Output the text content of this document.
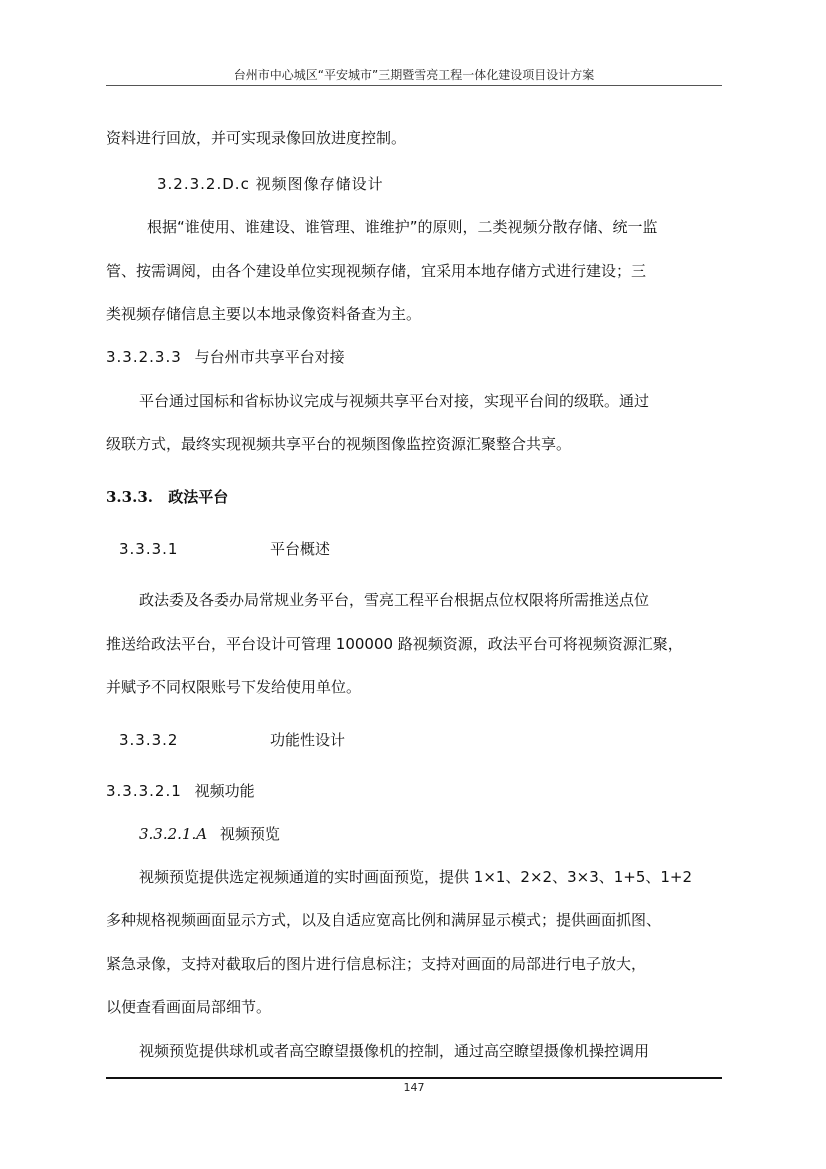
台州市中心城区“平安城市”三期暨雪亮工程一体化建设项目设计方案
资料进行回放，并可实现录像回放进度控制。
3.2.3.2.D.c 视频图像存储设计
根据“谁使用、谁建设、谁管理、谁维护”的原则，二类视频分散存储、统一监
管、按需调阅，由各个建设单位实现视频存储，宜采用本地存储方式进行建设；三
类视频存储信息主要以本地录像资料备查为主。
3.3.2.3.3 与台州市共享平台对接
平台通过国标和省标协议完成与视频共享平台对接，实现平台间的级联。通过
级联方式，最终实现视频共享平台的视频图像监控资源汇聚整合共享。
3.3.3. 政法平台
3.3.3.1	平台概述
政法委及各委办局常规业务平台，雪亮工程平台根据点位权限将所需推送点位
推送给政法平台，平台设计可管理 100000 路视频资源，政法平台可将视频资源汇聚，
并赋予不同权限账号下发给使用单位。
3.3.3.2	功能性设计
3.3.3.2.1 视频功能
3.3.2.1.A 视频预览
视频预览提供选定视频通道的实时画面预览，提供 1×1、2×2、3×3、1+5、1+2
多种规格视频画面显示方式，以及自适应宽高比例和满屏显示模式；提供画面抓图、
紧急录像，支持对截取后的图片进行信息标注；支持对画面的局部进行电子放大，
以便查看画面局部细节。
视频预览提供球机或者高空瞭望摄像机的控制，通过高空瞭望摄像机操控调用
147
